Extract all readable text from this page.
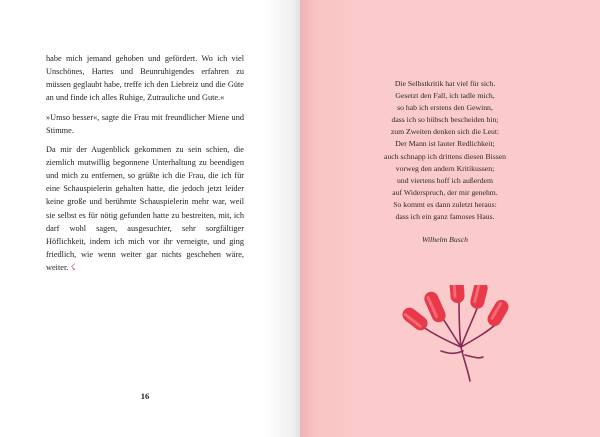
habe mich jemand gehoben und gefördert. Wo ich viel Unschönes, Hartes und Beunruhigendes erfahren zu müssen geglaubt habe, treffe ich den Liebreiz und die Güte an und finde ich alles Ruhige, Zutrauliche und Gute.«

»Umso besser«, sagte die Frau mit freundlicher Miene und Stimme.

Da mir der Augenblick gekommen zu sein schien, die ziemlich mutwillig begonnene Unterhaltung zu beendigen und mich zu entfernen, so grüßte ich die Frau, die ich für eine Schauspielerin gehalten hatte, die jedoch jetzt leider keine große und berühmte Schauspielerin mehr war, weil sie selbst es für nötig gefunden hatte zu bestreiten, mit, ich darf wohl sagen, ausgesuchter, sehr sorgfältiger Höflichkeit, indem ich mich vor ihr verneigte, und ging friedlich, wie wenn weiter gar nichts geschehen wäre, weiter. ☇

16
Die Selbstkritik hat viel für sich.
Gesetzt den Fall, ich tadle mich,
so hab ich erstens den Gewinn,
dass ich so hübsch bescheiden bin;
zum Zweiten denken sich die Leut:
Der Mann ist lauter Redlichkeit;
auch schnapp ich drittens diesen Bissen
vorweg den andern Kritikussen;
und viertens hoff ich außerdem
auf Widerspruch, der mir genehm.
So kommt es dann zuletzt heraus:
dass ich ein ganz famoses Haus.
Wilhelm Busch
